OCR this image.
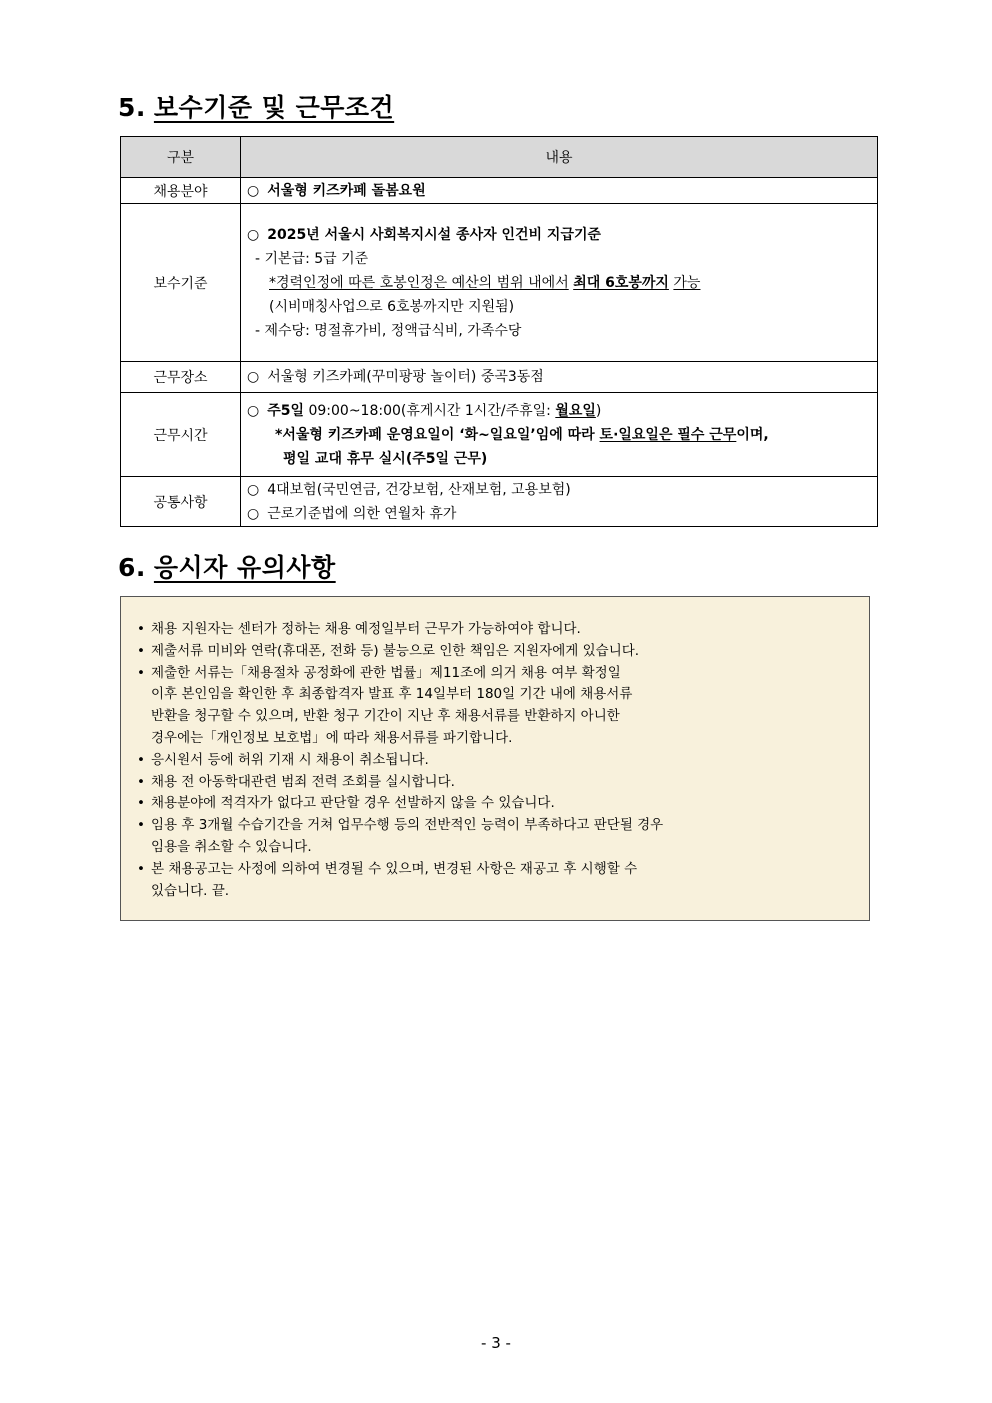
5. 보수기준 및 근무조건
구분	내용
채용분야	○ 서울형 키즈카페 돌봄요원

보수기준	○ 2025년 서울시 사회복지시설 종사자 인건비 지급기준
- 기본급: 5급 기준
*경력인정에 따른 호봉인정은 예산의 범위 내에서 최대 6호봉까지 가능
(시비매칭사업으로 6호봉까지만 지원됨)
- 제수당: 명절휴가비, 정액급식비, 가족수당

근무장소	○ 서울형 키즈카페(꾸미팡팡 놀이터) 중곡3동점

근무시간	○ 주5일 09:00~18:00(휴게시간 1시간/주휴일: 월요일)
*서울형 키즈카페 운영요일이 ‘화~일요일’임에 따라 토·일요일은 필수 근무이며,
평일 교대 휴무 실시(주5일 근무)

공통사항	○ 4대보험(국민연금, 건강보험, 산재보험, 고용보험)
○ 근로기준법에 의한 연월차 휴가
6. 응시자 유의사항
• 채용 지원자는 센터가 정하는 채용 예정일부터 근무가 가능하여야 합니다.
• 제출서류 미비와 연락(휴대폰, 전화 등) 불능으로 인한 책임은 지원자에게 있습니다.
• 제출한 서류는「채용절차 공정화에 관한 법률」제11조에 의거 채용 여부 확정일
이후 본인임을 확인한 후 최종합격자 발표 후 14일부터 180일 기간 내에 채용서류
반환을 청구할 수 있으며, 반환 청구 기간이 지난 후 채용서류를 반환하지 아니한
경우에는「개인정보 보호법」에 따라 채용서류를 파기합니다.
• 응시원서 등에 허위 기재 시 채용이 취소됩니다.
• 채용 전 아동학대관련 범죄 전력 조회를 실시합니다.
• 채용분야에 적격자가 없다고 판단할 경우 선발하지 않을 수 있습니다.
• 임용 후 3개월 수습기간을 거쳐 업무수행 등의 전반적인 능력이 부족하다고 판단될 경우
임용을 취소할 수 있습니다.
• 본 채용공고는 사정에 의하여 변경될 수 있으며, 변경된 사항은 재공고 후 시행할 수
있습니다. 끝.
- 3 -
